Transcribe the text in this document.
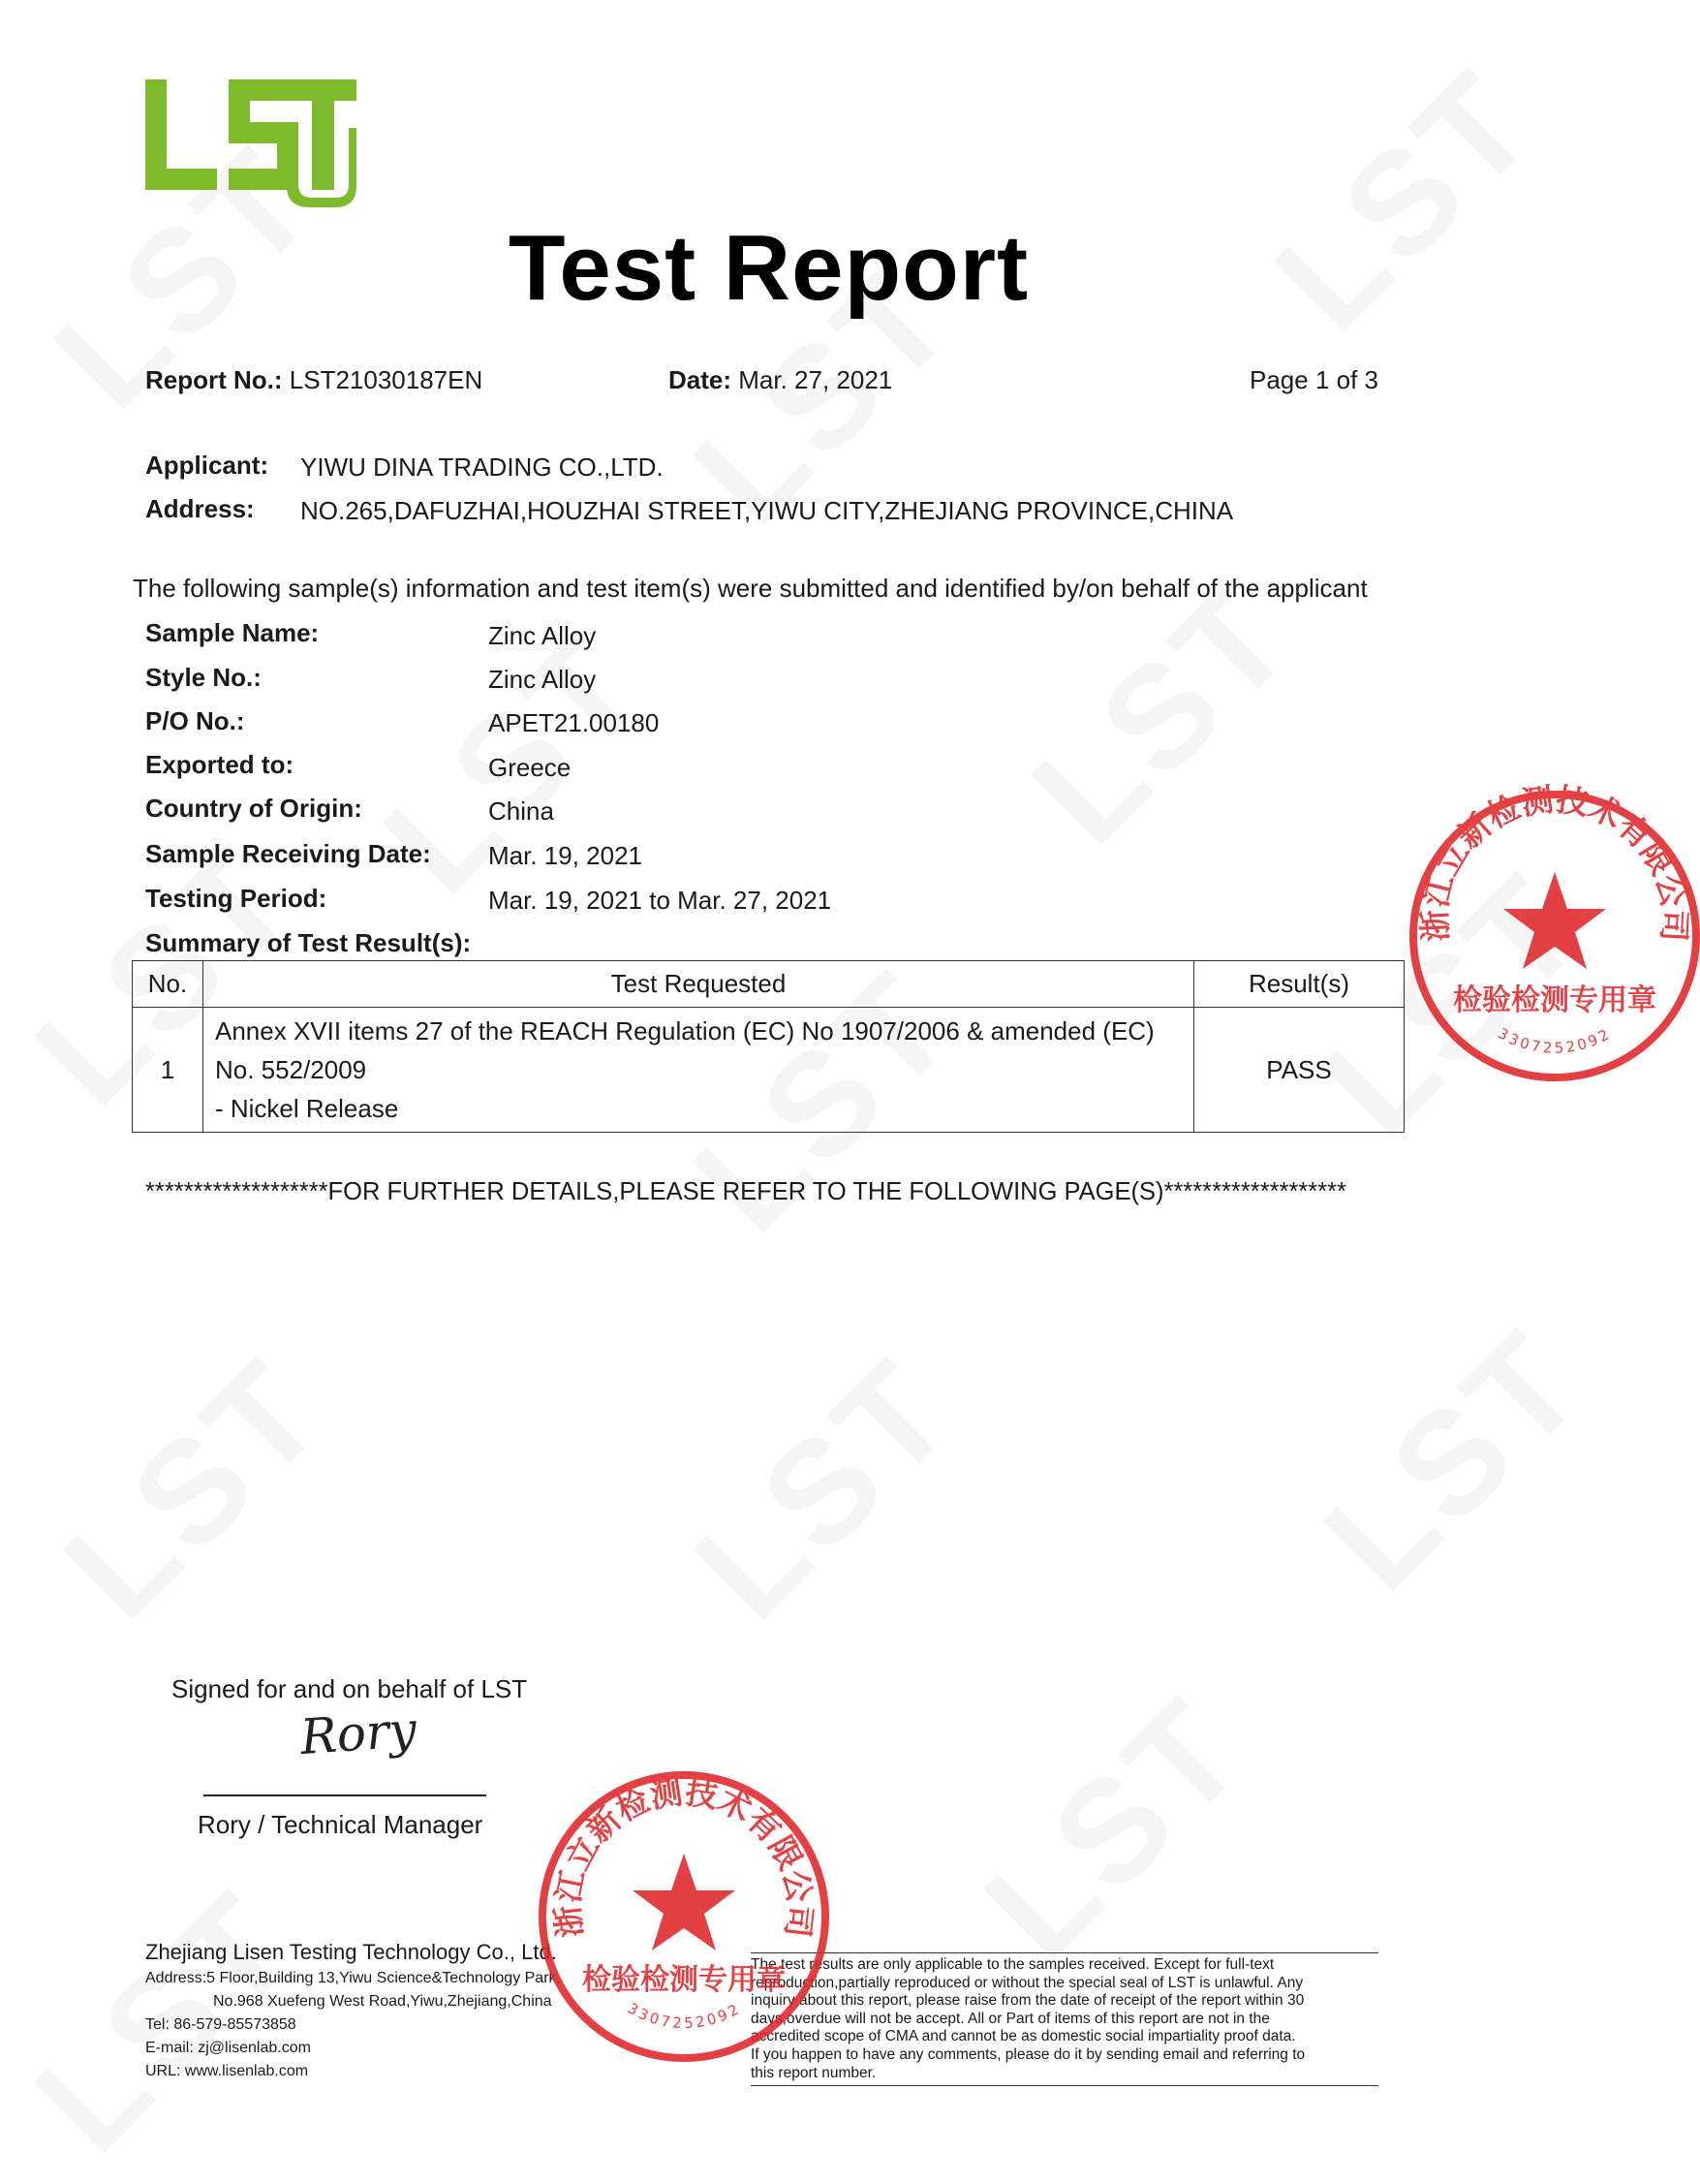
Test Report
Report No.: LST21030187EN	Date: Mar. 27, 2021	Page 1 of 3
Applicant: YIWU DINA TRADING CO.,LTD.
Address: NO.265,DAFUZHAI,HOUZHAI STREET,YIWU CITY,ZHEJIANG PROVINCE,CHINA
The following sample(s) information and test item(s) were submitted and identified by/on behalf of the applicant
Sample Name:	Zinc Alloy
Style No.:	Zinc Alloy
P/O No.:	APET21.00180
Exported to:	Greece
Country of Origin:	China
Sample Receiving Date: Mar. 19, 2021
Testing Period:	Mar. 19, 2021 to Mar. 27, 2021
Summary of Test Result(s):
No.	Test Requested	Result(s)
1	Annex XVII items 27 of the REACH Regulation (EC) No 1907/2006 & amended (EC)
No. 552/2009
- Nickel Release	PASS
*******************FOR FURTHER DETAILS,PLEASE REFER TO THE FOLLOWING PAGE(S)*******************
Signed for and on behalf of LST
Rory
Rory / Technical Manager
Zhejiang Lisen Testing Technology Co., Ltd.
Address:5 Floor,Building 13,Yiwu Science&Technology Park,
No.968 Xuefeng West Road,Yiwu,Zhejiang,China
Tel: 86-579-85573858
E-mail: zj@lisenlab.com
URL: www.lisenlab.com
The test results are only applicable to the samples received. Except for full-text
reproduction,partially reproduced or without the special seal of LST is unlawful. Any
inquiry about this report, please raise from the date of receipt of the report within 30
days,overdue will not be accept. All or Part of items of this report are not in the
accredited scope of CMA and cannot be as domestic social impartiality proof data.
If you happen to have any comments, please do it by sending email and referring to
this report number.
浙江立新检测技术有限公司
检验检测专用章
3307252092
浙江立新检测技术有限公司
检验检测专用章
3307252092
